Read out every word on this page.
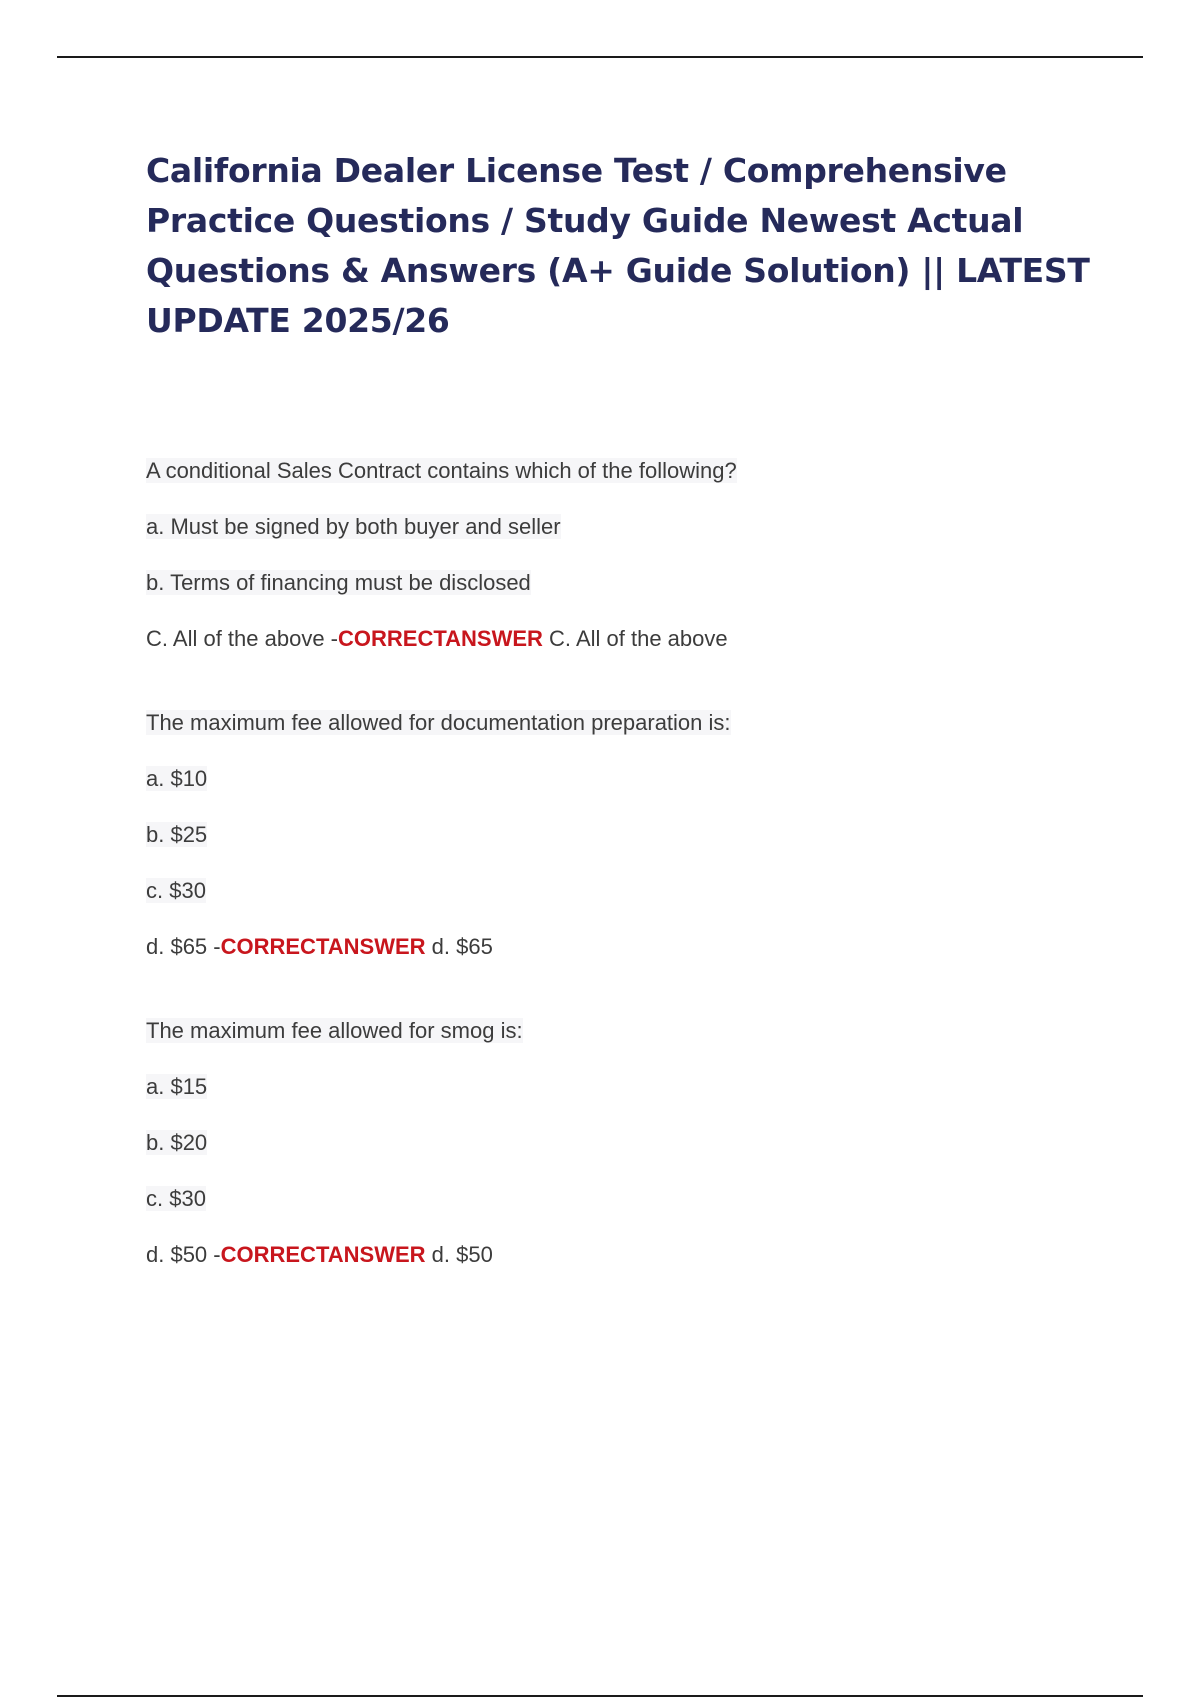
California Dealer License Test / Comprehensive Practice Questions / Study Guide Newest Actual Questions & Answers (A+ Guide Solution) || LATEST UPDATE 2025/26
A conditional Sales Contract contains which of the following?
a. Must be signed by both buyer and seller
b. Terms of financing must be disclosed
C. All of the above -CORRECTANSWER C. All of the above
The maximum fee allowed for documentation preparation is:
a. $10
b. $25
c. $30
d. $65 -CORRECTANSWER d. $65
The maximum fee allowed for smog is:
a. $15
b. $20
c. $30
d. $50 -CORRECTANSWER d. $50
